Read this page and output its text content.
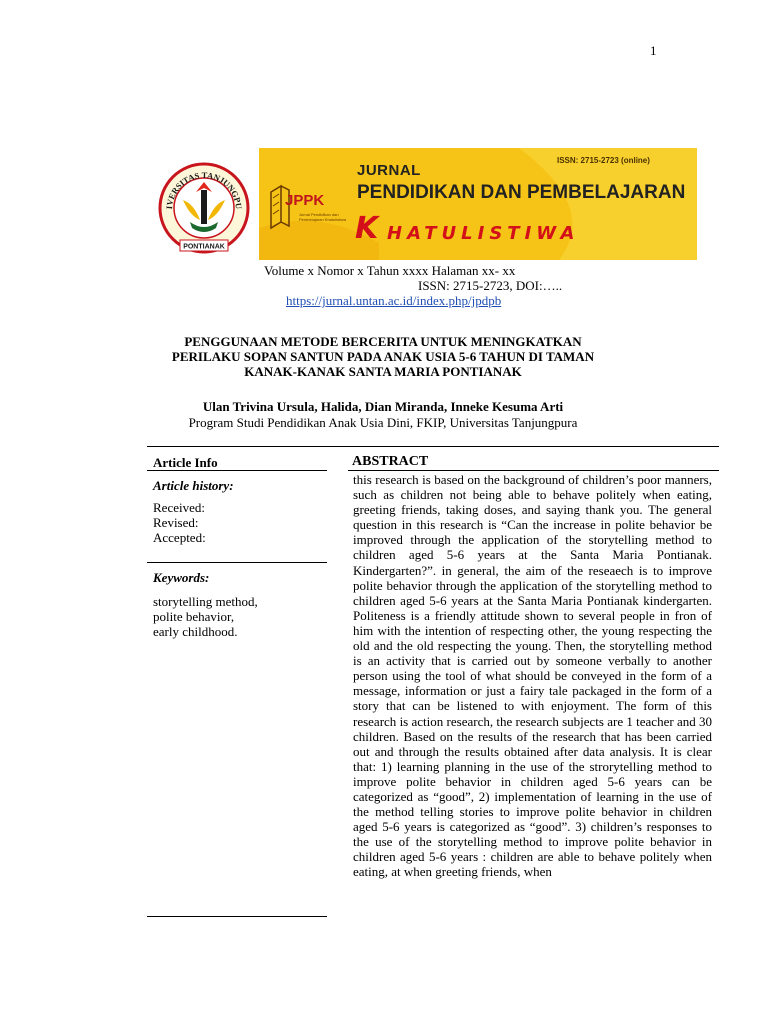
1
IVERSITAS TANJUNGPU
PONTIANAK
ISSN: 2715-2723 (online)
JURNAL
PENDIDIKAN DAN PEMBELAJARAN
JPPK
Jurnal Pendidikan dan Pembelajaran Khatulistiwa K HATULISTIWA
Volume x Nomor x Tahun xxxx Halaman xx- xx
ISSN: 2715-2723, DOI:…..
https://jurnal.untan.ac.id/index.php/jpdpb
PENGGUNAAN METODE BERCERITA UNTUK MENINGKATKAN PERILAKU SOPAN SANTUN PADA ANAK USIA 5-6 TAHUN DI TAMAN KANAK-KANAK SANTA MARIA PONTIANAK
Ulan Trivina Ursula, Halida, Dian Miranda, Inneke Kesuma Arti
Program Studi Pendidikan Anak Usia Dini, FKIP, Universitas Tanjungpura
Article Info
Article history:
Received:
Revised:
Accepted:
Keywords:
storytelling method,
polite behavior,
early childhood.
ABSTRACT
this research is based on the background of children’s poor manners, such as children not being able to behave politely when eating, greeting friends, taking doses, and saying thank you. The general question in this research is “Can the increase in polite behavior be improved through the application of the storytelling method to children aged 5-6 years at the Santa Maria Pontianak. Kindergarten?”. in general, the aim of the reseaech is to improve polite behavior through the application of the storytelling method to children aged 5-6 years at the Santa Maria Pontianak kindergarten. Politeness is a friendly attitude shown to several people in fron of him with the intention of respecting other, the young respecting the old and the old respecting the young. Then, the storytelling method is an activity that is carried out by someone verbally to another person using the tool of what should be conveyed in the form of a message, information or just a fairy tale packaged in the form of a story that can be listened to with enjoyment. The form of this research is action research, the research subjects are 1 teacher and 30 children. Based on the results of the research that has been carried out and through the results obtained after data analysis. It is clear that: 1) learning planning in the use of the strorytelling method to improve polite behavior in children aged 5-6 years can be categorized as “good”, 2) implementation of learning in the use of the method telling stories to improve polite behavior in children aged 5-6 years is categorized as “good”. 3) children’s responses to the use of the storytelling method to improve polite behavior in children aged 5-6 years : children are able to behave politely when eating, at when greeting friends, when
